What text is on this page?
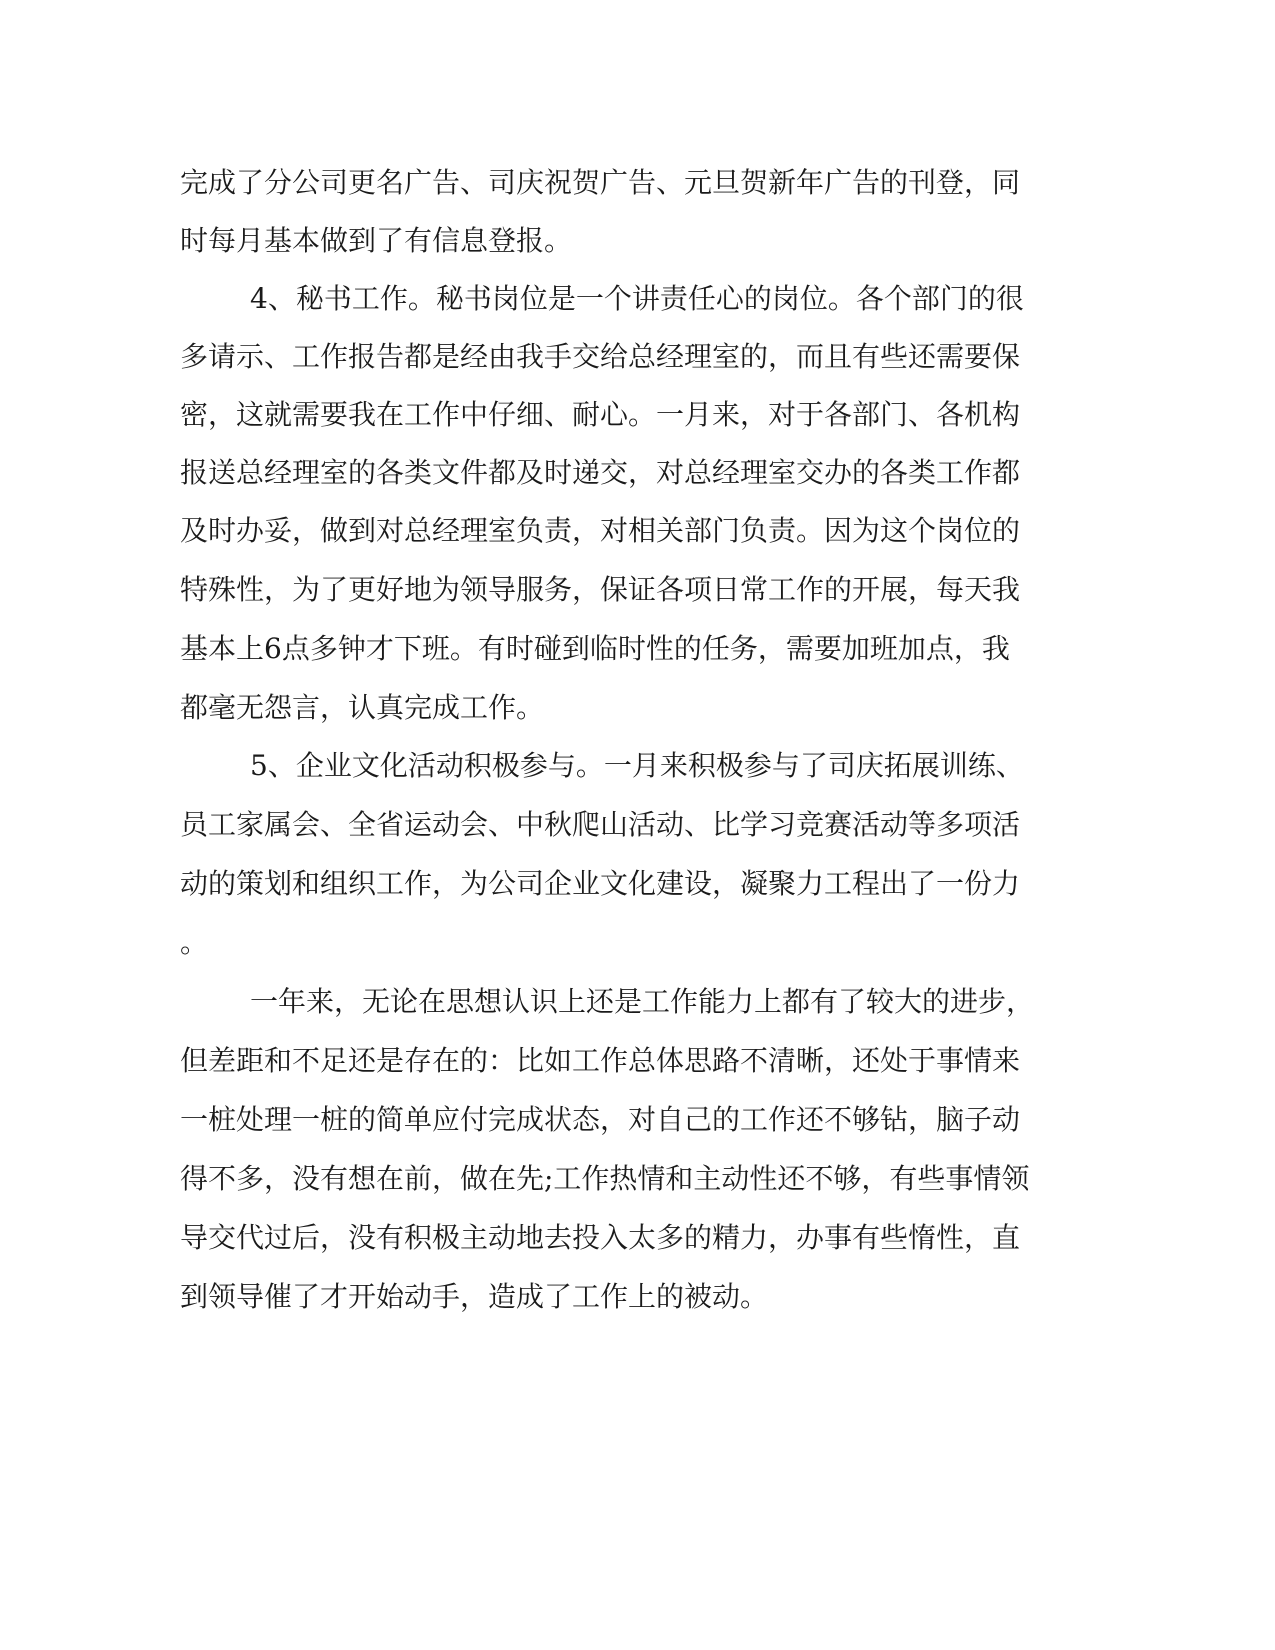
完成了分公司更名广告、司庆祝贺广告、元旦贺新年广告的刊登，同
时每月基本做到了有信息登报。
4、秘书工作。秘书岗位是一个讲责任心的岗位。各个部门的很
多请示、工作报告都是经由我手交给总经理室的，而且有些还需要保
密，这就需要我在工作中仔细、耐心。一月来，对于各部门、各机构
报送总经理室的各类文件都及时递交，对总经理室交办的各类工作都
及时办妥，做到对总经理室负责，对相关部门负责。因为这个岗位的
特殊性，为了更好地为领导服务，保证各项日常工作的开展，每天我
基本上6点多钟才下班。有时碰到临时性的任务，需要加班加点，我
都毫无怨言，认真完成工作。
5、企业文化活动积极参与。一月来积极参与了司庆拓展训练、
员工家属会、全省运动会、中秋爬山活动、比学习竞赛活动等多项活
动的策划和组织工作，为公司企业文化建设，凝聚力工程出了一份力
。
一年来，无论在思想认识上还是工作能力上都有了较大的进步，
但差距和不足还是存在的：比如工作总体思路不清晰，还处于事情来
一桩处理一桩的简单应付完成状态，对自己的工作还不够钻，脑子动
得不多，没有想在前，做在先;工作热情和主动性还不够，有些事情领
导交代过后，没有积极主动地去投入太多的精力，办事有些惰性，直
到领导催了才开始动手，造成了工作上的被动。
